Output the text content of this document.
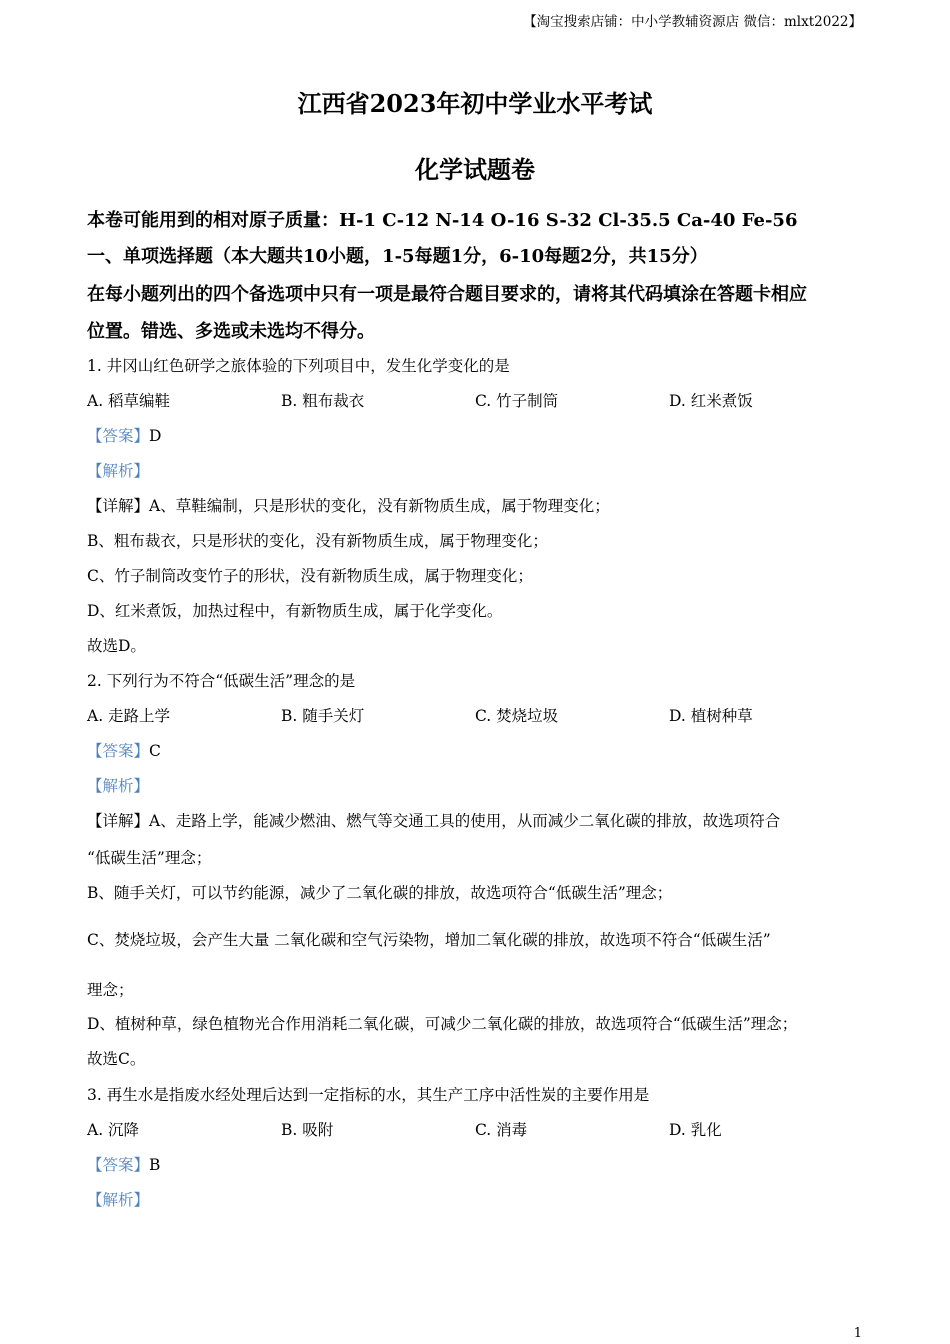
【淘宝搜索店铺：中小学教辅资源店 微信：mlxt2022】
江西省2023年初中学业水平考试
化学试题卷
本卷可能用到的相对原子质量：H-1 C-12 N-14 O-16 S-32 Cl-35.5 Ca-40 Fe-56
一、单项选择题（本大题共10小题，1-5每题1分，6-10每题2分，共15分）
在每小题列出的四个备选项中只有一项是最符合题目要求的，请将其代码填涂在答题卡相应
位置。错选、多选或未选均不得分。
1. 井冈山红色研学之旅体验的下列项目中，发生化学变化的是
A. 稻草编鞋	B. 粗布裁衣	C. 竹子制筒	D. 红米煮饭
【答案】D
【解析】
【详解】A、草鞋编制，只是形状的变化，没有新物质生成，属于物理变化；
B、粗布裁衣，只是形状的变化，没有新物质生成，属于物理变化；
C、竹子制筒改变竹子的形状，没有新物质生成，属于物理变化；
D、红米煮饭，加热过程中，有新物质生成，属于化学变化。
故选D。
2. 下列行为不符合“低碳生活”理念的是
A. 走路上学	B. 随手关灯	C. 焚烧垃圾	D. 植树种草
【答案】C
【解析】
【详解】A、走路上学，能减少燃油、燃气等交通工具的使用，从而减少二氧化碳的排放，故选项符合
“低碳生活”理念；
B、随手关灯，可以节约能源，减少了二氧化碳的排放，故选项符合“低碳生活”理念；
C、焚烧垃圾，会产生大量 二氧化碳和空气污染物，增加二氧化碳的排放，故选项不符合“低碳生活”
理念；
D、植树种草，绿色植物光合作用消耗二氧化碳，可减少二氧化碳的排放，故选项符合“低碳生活”理念；
故选C。
3. 再生水是指废水经处理后达到一定指标的水，其生产工序中活性炭的主要作用是
A. 沉降	B. 吸附	C. 消毒	D. 乳化
【答案】B
【解析】
1
